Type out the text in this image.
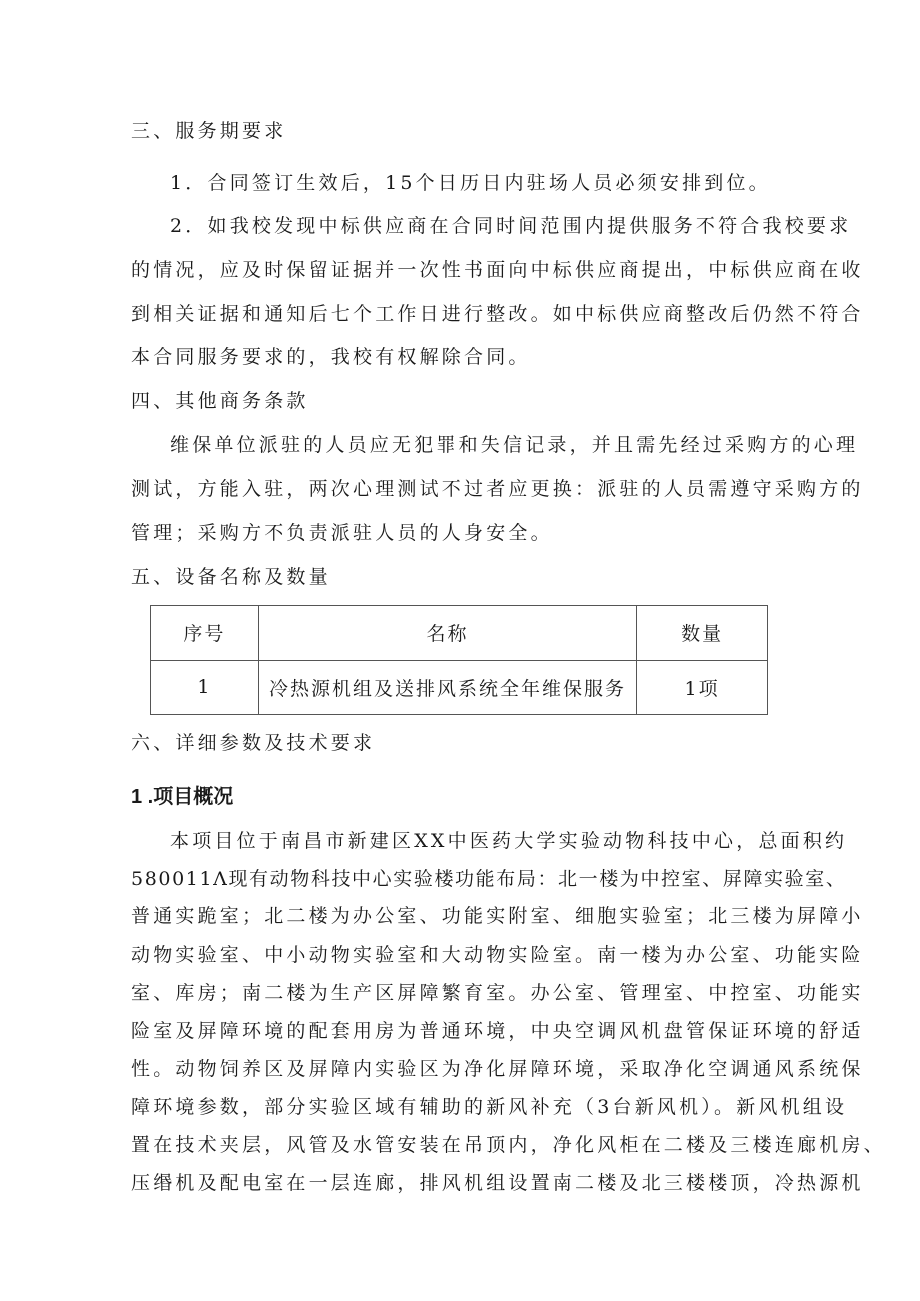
三、服务期要求
1．合同签订生效后，15个日历日内驻场人员必须安排到位。
2．如我校发现中标供应商在合同时间范围内提供服务不符合我校要求
的情况，应及时保留证据并一次性书面向中标供应商提出，中标供应商在收
到相关证据和通知后七个工作日进行整改。如中标供应商整改后仍然不符合
本合同服务要求的，我校有权解除合同。
四、其他商务条款
维保单位派驻的人员应无犯罪和失信记录，并且需先经过采购方的心理
测试，方能入驻，两次心理测试不过者应更换：派驻的人员需遵守采购方的
管理；采购方不负责派驻人员的人身安全。
五、设备名称及数量
序号	名称	数量
1	冷热源机组及送排风系统全年维保服务	1项
六、详细参数及技术要求
1 .项目概况
本项目位于南昌市新建区XX中医药大学实验动物科技中心，总面积约
580011Λ现有动物科技中心实验楼功能布局：北一楼为中控室、屏障实验室、
普通实跪室；北二楼为办公室、功能实附室、细胞实验室；北三楼为屏障小
动物实验室、中小动物实验室和大动物实险室。南一楼为办公室、功能实险
室、库房；南二楼为生产区屏障繁育室。办公室、管理室、中控室、功能实
险室及屏障环境的配套用房为普通环境，中央空调风机盘管保证环境的舒适
性。动物饲养区及屏障内实验区为净化屏障环境，采取净化空调通风系统保
障环境参数，部分实验区域有辅助的新风补充（3台新风机）。新风机组设
置在技术夹层，风管及水管安装在吊顶内，净化风柜在二楼及三楼连廊机房、
压缗机及配电室在一层连廊，排风机组设置南二楼及北三楼楼顶，冷热源机
